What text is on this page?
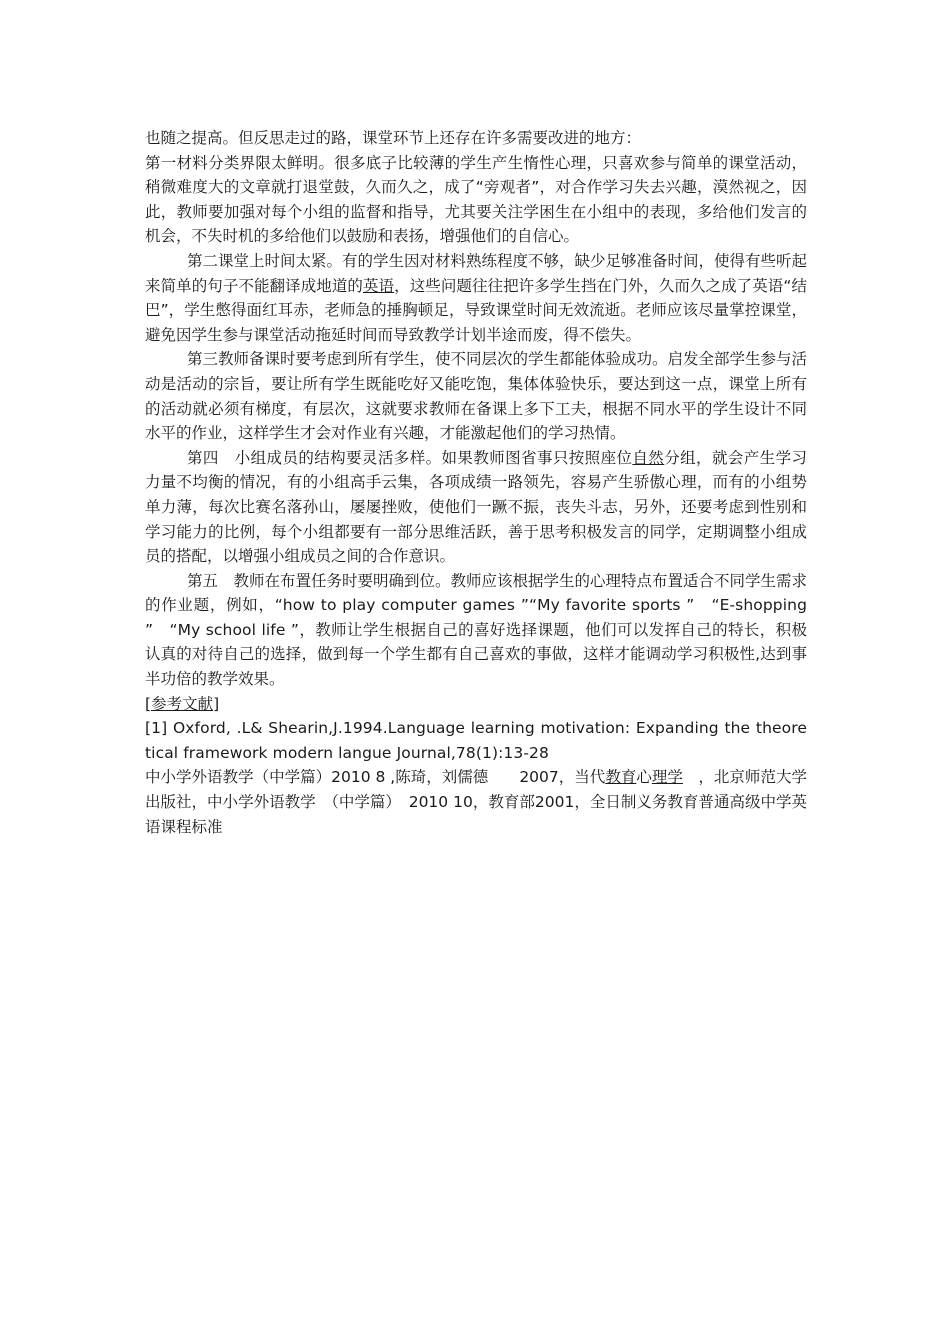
也随之提高。但反思走过的路，课堂环节上还存在许多需要改进的地方：

第一材料分类界限太鲜明。很多底子比较薄的学生产生惰性心理，只喜欢参与简单的课堂活动，稍微难度大的文章就打退堂鼓，久而久之，成了“旁观者”，对合作学习失去兴趣，漠然视之，因此，教师要加强对每个小组的监督和指导，尤其要关注学困生在小组中的表现，多给他们发言的机会，不失时机的多给他们以鼓励和表扬，增强他们的自信心。

第二课堂上时间太紧。有的学生因对材料熟练程度不够，缺少足够准备时间，使得有些听起来简单的句子不能翻译成地道的英语，这些问题往往把许多学生挡在门外，久而久之成了英语“结巴”，学生憋得面红耳赤，老师急的捶胸顿足，导致课堂时间无效流逝。老师应该尽量掌控课堂，避免因学生参与课堂活动拖延时间而导致教学计划半途而废，得不偿失。

第三教师备课时要考虑到所有学生，使不同层次的学生都能体验成功。启发全部学生参与活动是活动的宗旨，要让所有学生既能吃好又能吃饱，集体体验快乐，要达到这一点，课堂上所有的活动就必须有梯度，有层次，这就要求教师在备课上多下工夫，根据不同水平的学生设计不同水平的作业，这样学生才会对作业有兴趣，才能激起他们的学习热情。

第四　小组成员的结构要灵活多样。如果教师图省事只按照座位自然分组，就会产生学习力量不均衡的情况，有的小组高手云集，各项成绩一路领先，容易产生骄傲心理，而有的小组势单力薄，每次比赛名落孙山，屡屡挫败，使他们一蹶不振，丧失斗志，另外，还要考虑到性别和学习能力的比例，每个小组都要有一部分思维活跃，善于思考积极发言的同学，定期调整小组成员的搭配，以增强小组成员之间的合作意识。

第五　教师在布置任务时要明确到位。教师应该根据学生的心理特点布置适合不同学生需求的作业题，例如，“how to play computer games ”“My favorite sports ”　“E-shopping ”　“My school life ”，教师让学生根据自己的喜好选择课题，他们可以发挥自己的特长，积极认真的对待自己的选择，做到每一个学生都有自己喜欢的事做，这样才能调动学习积极性,达到事半功倍的教学效果。

[参考文献]

[1] Oxford, .L& Shearin,J.1994.Language learning motivation: Expanding the theoretical framework modern langue Journal,78(1):13-28

中小学外语教学（中学篇）2010 8 ,陈琦，刘儒德　　2007，当代教育心理学　，北京师范大学出版社，中小学外语教学　（中学篇）　2010 10，教育部2001，全日制义务教育普通高级中学英语课程标准
